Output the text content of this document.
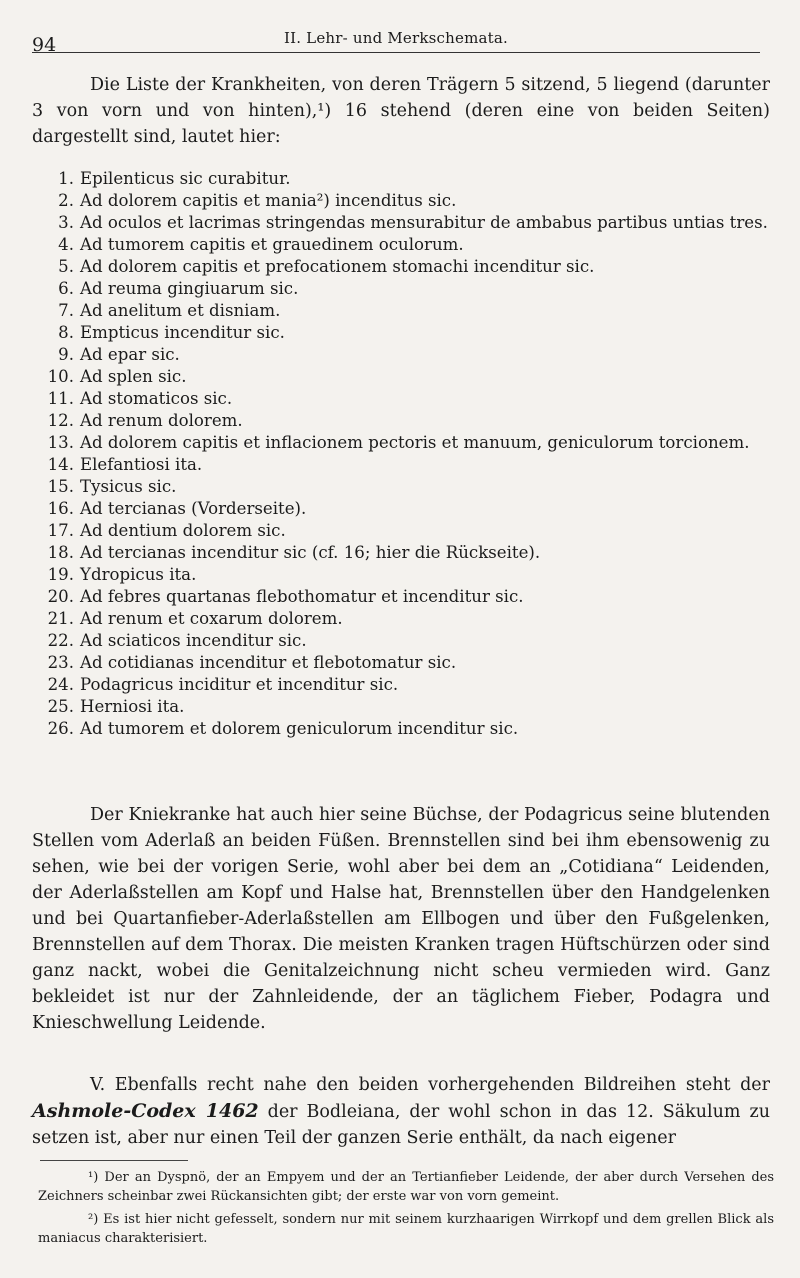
94	II. Lehr- und Merkschemata.
Die Liste der Krankheiten, von deren Trägern 5 sitzend, 5 liegend (darunter 3 von vorn und von hinten),¹) 16 stehend (deren eine von beiden Seiten) dargestellt sind, lautet hier:
1. Epilenticus sic curabitur.
2. Ad dolorem capitis et mania²) incenditus sic.
3. Ad oculos et lacrimas stringendas mensurabitur de ambabus partibus untias tres.
4. Ad tumorem capitis et grauedinem oculorum.
5. Ad dolorem capitis et prefocationem stomachi incenditur sic.
6. Ad reuma gingiuarum sic.
7. Ad anelitum et disniam.
8. Empticus incenditur sic.
9. Ad epar sic.
10. Ad splen sic.
11. Ad stomaticos sic.
12. Ad renum dolorem.
13. Ad dolorem capitis et inflacionem pectoris et manuum, geniculorum torcionem.
14. Elefantiosi ita.
15. Tysicus sic.
16. Ad tercianas (Vorderseite).
17. Ad dentium dolorem sic.
18. Ad tercianas incenditur sic (cf. 16; hier die Rückseite).
19. Ydropicus ita.
20. Ad febres quartanas flebothomatur et incenditur sic.
21. Ad renum et coxarum dolorem.
22. Ad sciaticos incenditur sic.
23. Ad cotidianas incenditur et flebotomatur sic.
24. Podagricus inciditur et incenditur sic.
25. Herniosi ita.
26. Ad tumorem et dolorem geniculorum incenditur sic.
Der Kniekranke hat auch hier seine Büchse, der Podagricus seine blutenden Stellen vom Aderlaß an beiden Füßen. Brennstellen sind bei ihm ebensowenig zu sehen, wie bei der vorigen Serie, wohl aber bei dem an „Cotidiana“ Leidenden, der Aderlaßstellen am Kopf und Halse hat, Brennstellen über den Handgelenken und bei Quartanfieber-Aderlaßstellen am Ellbogen und über den Fußgelenken, Brennstellen auf dem Thorax. Die meisten Kranken tragen Hüftschürzen oder sind ganz nackt, wobei die Genitalzeichnung nicht scheu vermieden wird. Ganz bekleidet ist nur der Zahnleidende, der an täglichem Fieber, Podagra und Knieschwellung Leidende.
V. Ebenfalls recht nahe den beiden vorhergehenden Bildreihen steht der Ashmole-Codex 1462 der Bodleiana, der wohl schon in das 12. Säkulum zu setzen ist, aber nur einen Teil der ganzen Serie enthält, da nach eigener
¹) Der an Dyspnö, der an Empyem und der an Tertianfieber Leidende, der aber durch Versehen des Zeichners scheinbar zwei Rückansichten gibt; der erste war von vorn gemeint.
²) Es ist hier nicht gefesselt, sondern nur mit seinem kurzhaarigen Wirrkopf und dem grellen Blick als maniacus charakterisiert.
